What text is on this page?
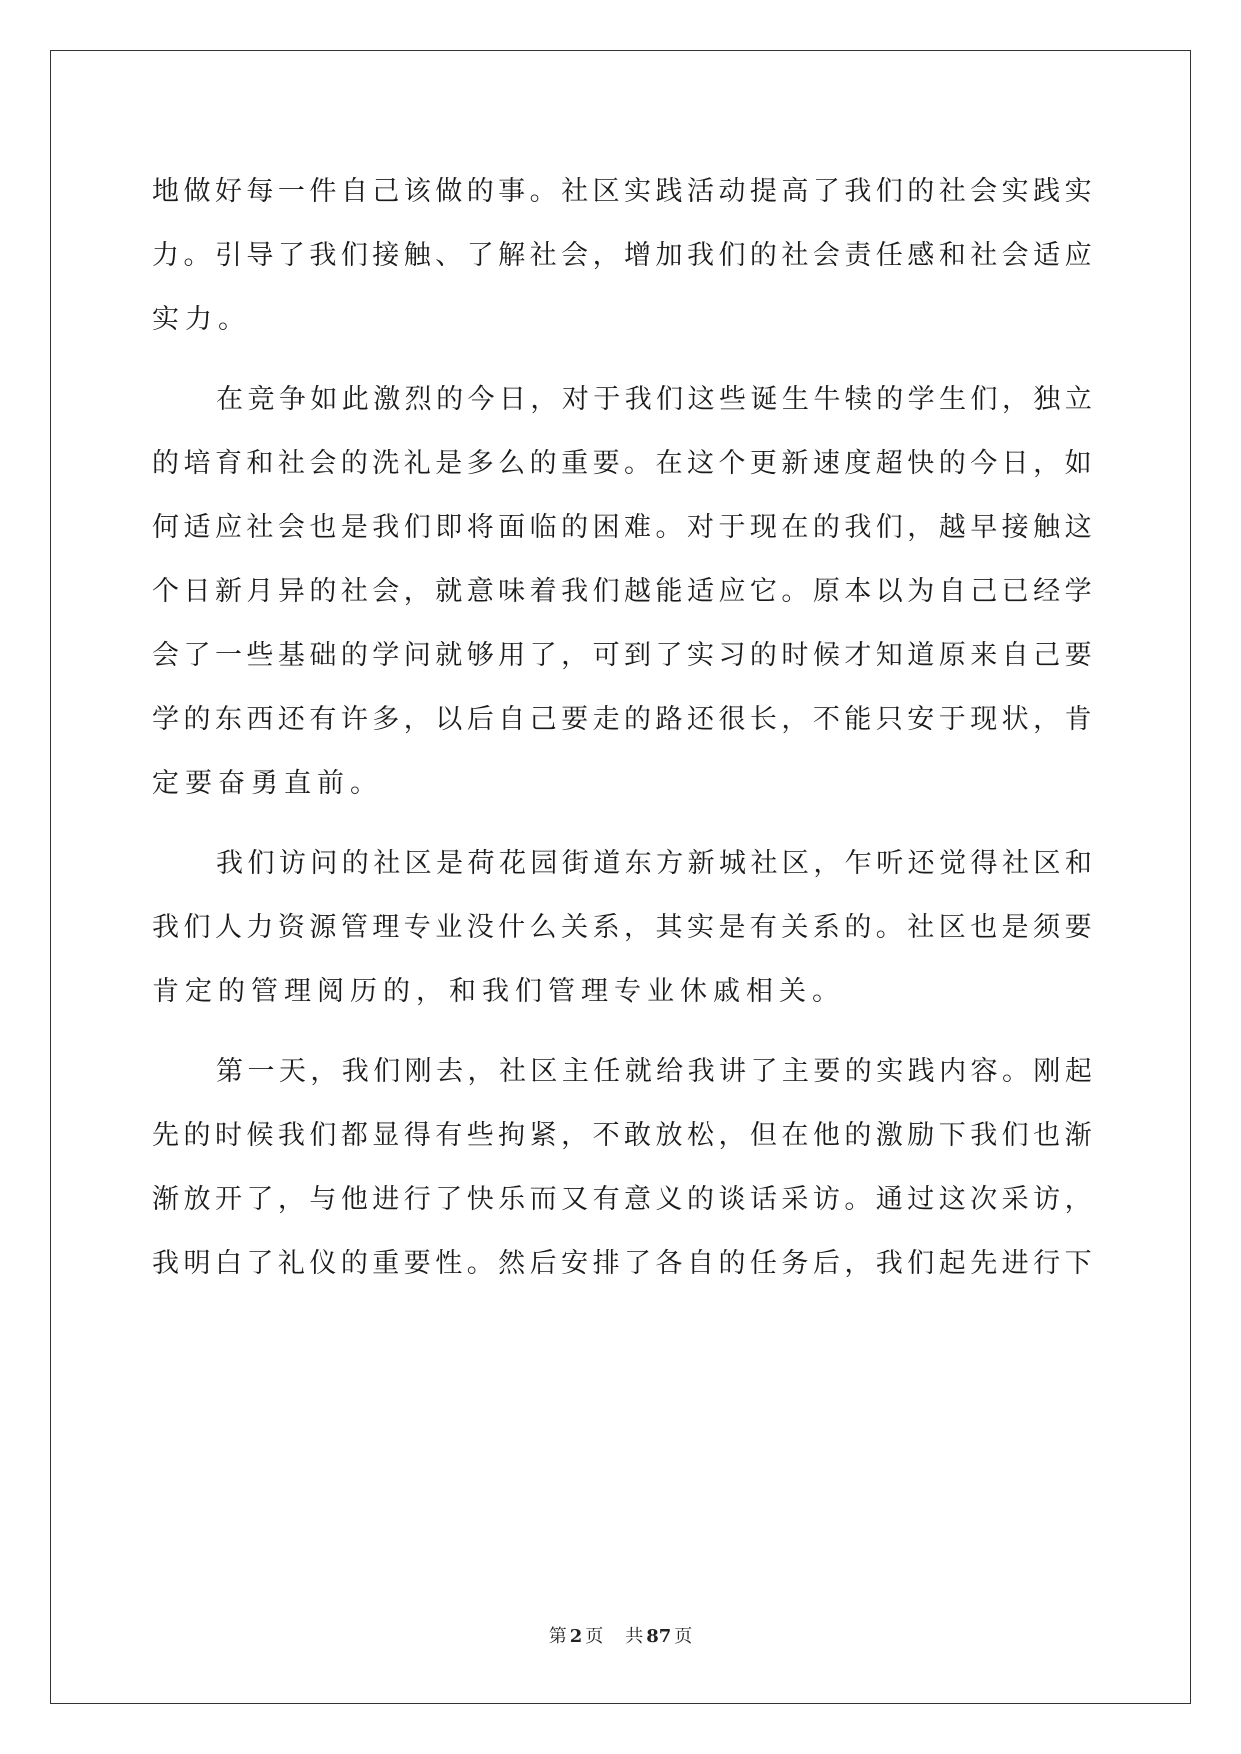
地 做 好 每 一 件 自 己 该 做 的 事 。 社 区 实 践 活 动 提 高 了 我 们 的 社 会 实 践 实
力 。 引 导 了 我 们 接 触 、 了 解 社 会 ， 增 加 我 们 的 社 会 责 任 感 和 社 会 适 应
实力。
在 竞 争 如 此 激 烈 的 今 日 ， 对 于 我 们 这 些 诞 生 牛 犊 的 学 生 们 ， 独 立
的 培 育 和 社 会 的 洗 礼 是 多 么 的 重 要 。 在 这 个 更 新 速 度 超 快 的 今 日 ， 如
何 适 应 社 会 也 是 我 们 即 将 面 临 的 困 难 。 对 于 现 在 的 我 们 ， 越 早 接 触 这
个 日 新 月 异 的 社 会 ， 就 意 味 着 我 们 越 能 适 应 它 。 原 本 以 为 自 己 已 经 学
会 了 一 些 基 础 的 学 问 就 够 用 了 ， 可 到 了 实 习 的 时 候 才 知 道 原 来 自 己 要
学 的 东 西 还 有 许 多 ， 以 后 自 己 要 走 的 路 还 很 长 ， 不 能 只 安 于 现 状 ， 肯
定要奋勇直前。
我 们 访 问 的 社 区 是 荷 花 园 街 道 东 方 新 城 社 区 ， 乍 听 还 觉 得 社 区 和
我 们 人 力 资 源 管 理 专 业 没 什 么 关 系 ， 其 实 是 有 关 系 的 。 社 区 也 是 须 要
肯定的管理阅历的，和我们管理专业休戚相关。
第 一 天 ， 我 们 刚 去 ， 社 区 主 任 就 给 我 讲 了 主 要 的 实 践 内 容 。 刚 起
先 的 时 候 我 们 都 显 得 有 些 拘 紧 ， 不 敢 放 松 ， 但 在 他 的 激 励 下 我 们 也 渐
渐 放 开 了 ， 与 他 进 行 了 快 乐 而 又 有 意 义 的 谈 话 采 访 。 通 过 这 次 采 访 ，
我 明 白 了 礼 仪 的 重 要 性 。 然 后 安 排 了 各 自 的 任 务 后 ， 我 们 起 先 进 行 下
第 2 页 共 87 页
